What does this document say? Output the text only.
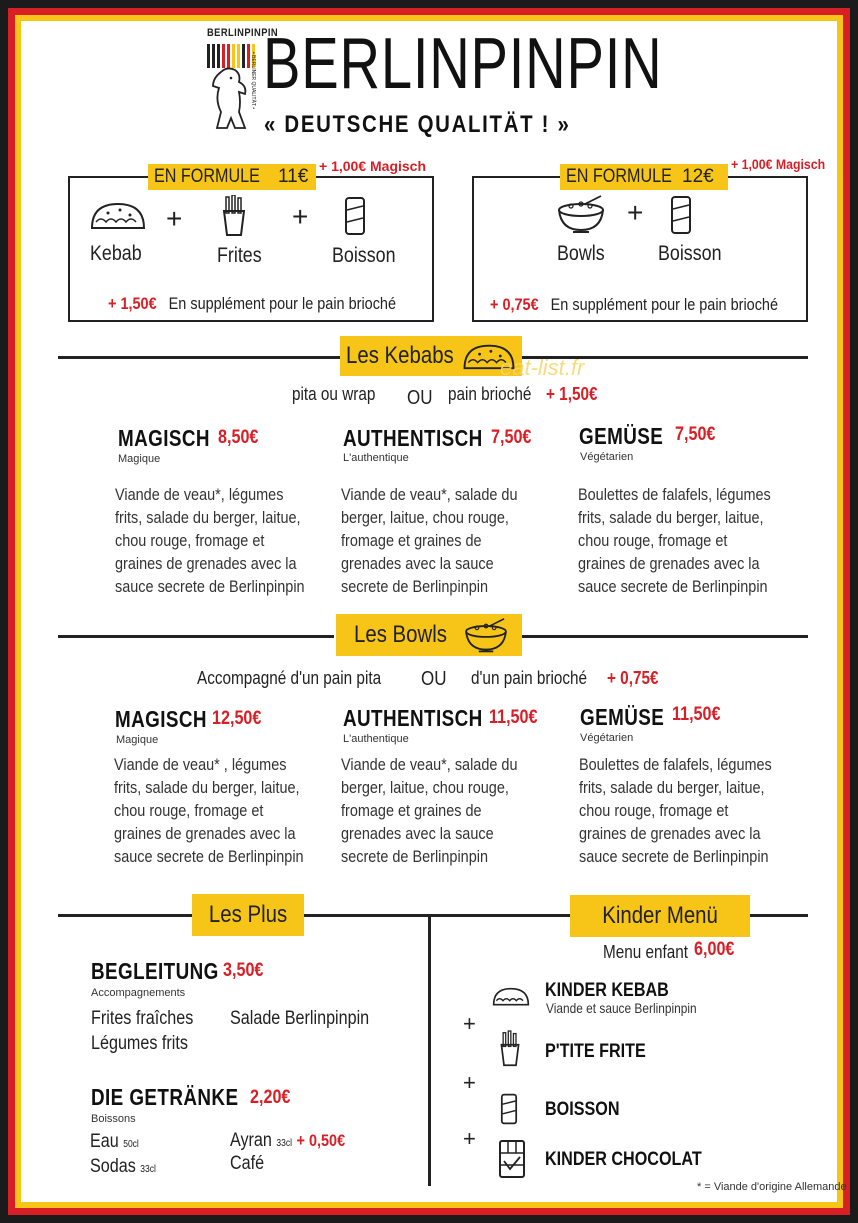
BERLINPINPIN
• BERLINER QUALITÄT • BERLINPINPIN
« DEUTSCHE QUALITÄT ! »
EN FORMULE 11€ + 1,00€ Magisch
+	+
Kebab	Frites	Boisson
+ 1,50€ En supplément pour le pain brioché
EN FORMULE 12€
+ 1,00€ Magisch
+
Bowls	Boisson
+ 0,75€ En supplément pour le pain brioché
Les Kebabs	eat-list.fr
pita ou wrap OU pain brioché + 1,50€
MAGISCH 8,50€
Magique
Viande de veau*, légumes frits, salade du berger, laitue, chou rouge, fromage et graines de grenades avec la sauce secrete de Berlinpinpin
AUTHENTISCH 7,50€
L'authentique
Viande de veau*, salade du berger, laitue, chou rouge, fromage et graines de grenades avec la sauce secrete de Berlinpinpin
GEMÜSE 7,50€
Végétarien
Boulettes de falafels, légumes frits, salade du berger, laitue, chou rouge, fromage et graines de grenades avec la sauce secrete de Berlinpinpin
Les Bowls
Accompagné d'un pain pita OU d'un pain brioché + 0,75€
MAGISCH 12,50€
Magique
Viande de veau* , légumes frits, salade du berger, laitue, chou rouge, fromage et graines de grenades avec la sauce secrete de Berlinpinpin
AUTHENTISCH 11,50€
L'authentique
Viande de veau*, salade du berger, laitue, chou rouge, fromage et graines de grenades avec la sauce secrete de Berlinpinpin
GEMÜSE 11,50€
Végétarien
Boulettes de falafels, légumes frits, salade du berger, laitue, chou rouge, fromage et graines de grenades avec la sauce secrete de Berlinpinpin
Les Plus	Kinder Menü
BEGLEITUNG 3,50€
Accompagnements
Frites fraîches
Légumes frits
Salade Berlinpinpin
DIE GETRÄNKE 2,20€
Boissons
Eau 50cl
Sodas 33cl
Ayran 33cl + 0,50€
Café
Menu enfant 6,00€
KINDER KEBAB
Viande et sauce Berlinpinpin
+
P'TITE FRITE
+
BOISSON
+
KINDER CHOCOLAT
* = Viande d'origine Allemande
